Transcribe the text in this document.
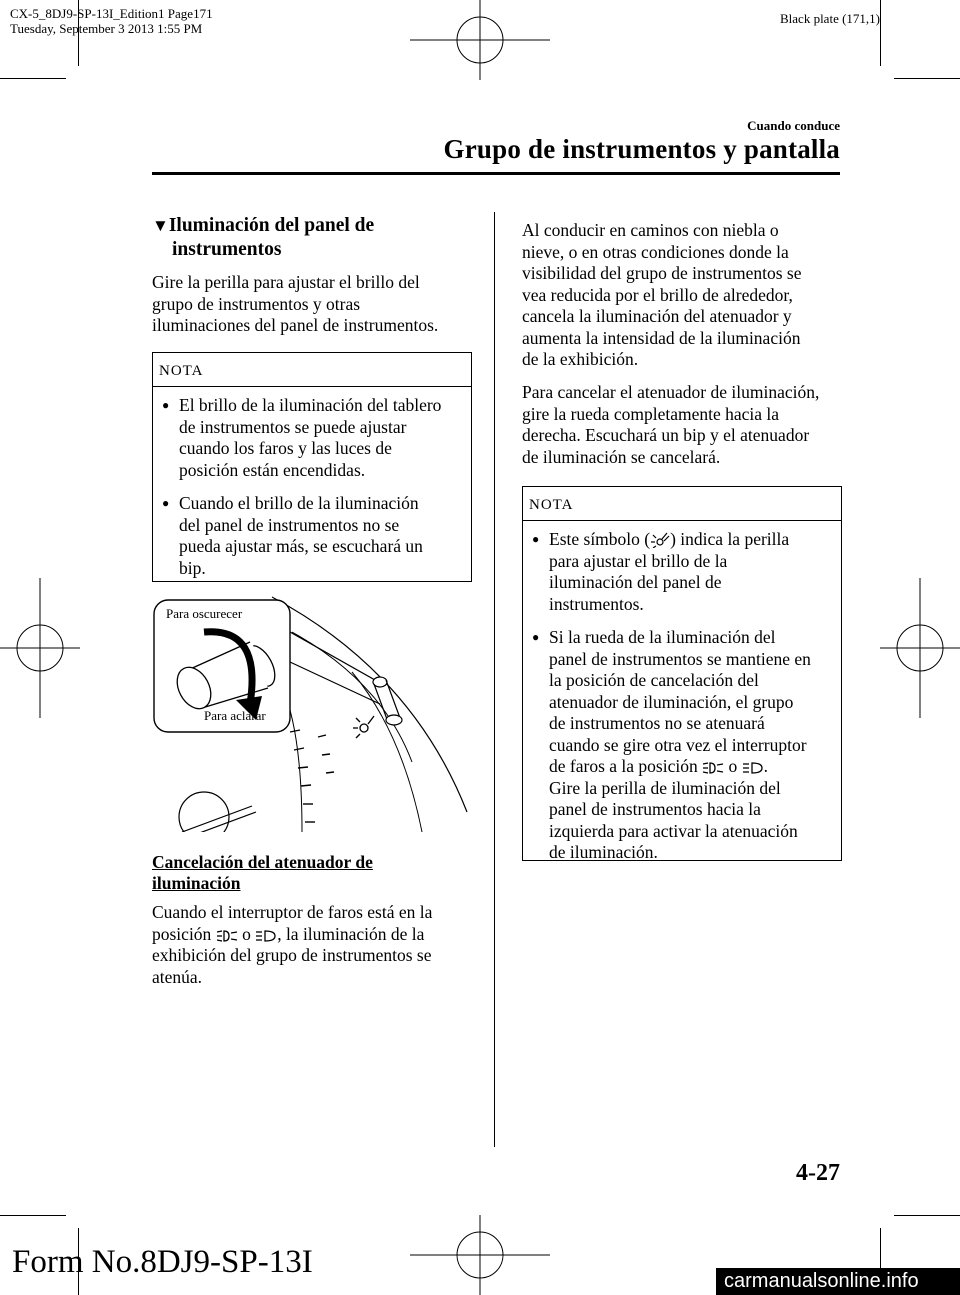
CX-5_8DJ9-SP-13I_Edition1 Page171
Tuesday, September 3 2013 1:55 PM
Black plate (171,1)
Cuando conduce
Grupo de instrumentos y pantalla
▼Iluminación del panel de
instrumentos
Gire la perilla para ajustar el brillo del
grupo de instrumentos y otras
iluminaciones del panel de instrumentos.
NOTA
● El brillo de la iluminación del tablero
de instrumentos se puede ajustar
cuando los faros y las luces de
posición están encendidas.
● Cuando el brillo de la iluminación
del panel de instrumentos no se
pueda ajustar más, se escuchará un
bip.
Para oscurecer
Para aclarar
Cancelación del atenuador de
iluminación
Cuando el interruptor de faros está en la
posición o , la iluminación de la
exhibición del grupo de instrumentos se
atenúa.
Al conducir en caminos con niebla o
nieve, o en otras condiciones donde la
visibilidad del grupo de instrumentos se
vea reducida por el brillo de alrededor,
cancela la iluminación del atenuador y
aumenta la intensidad de la iluminación
de la exhibición.
Para cancelar el atenuador de iluminación,
gire la rueda completamente hacia la
derecha. Escuchará un bip y el atenuador
de iluminación se cancelará.
NOTA
● Este símbolo ( ) indica la perilla
para ajustar el brillo de la
iluminación del panel de
instrumentos.
● Si la rueda de la iluminación del
panel de instrumentos se mantiene en
la posición de cancelación del
atenuador de iluminación, el grupo
de instrumentos no se atenuará
cuando se gire otra vez el interruptor
de faros a la posición o .
Gire la perilla de iluminación del
panel de instrumentos hacia la
izquierda para activar la atenuación
de iluminación.
4-27
Form No.8DJ9-SP-13I
carmanualsonline.info
